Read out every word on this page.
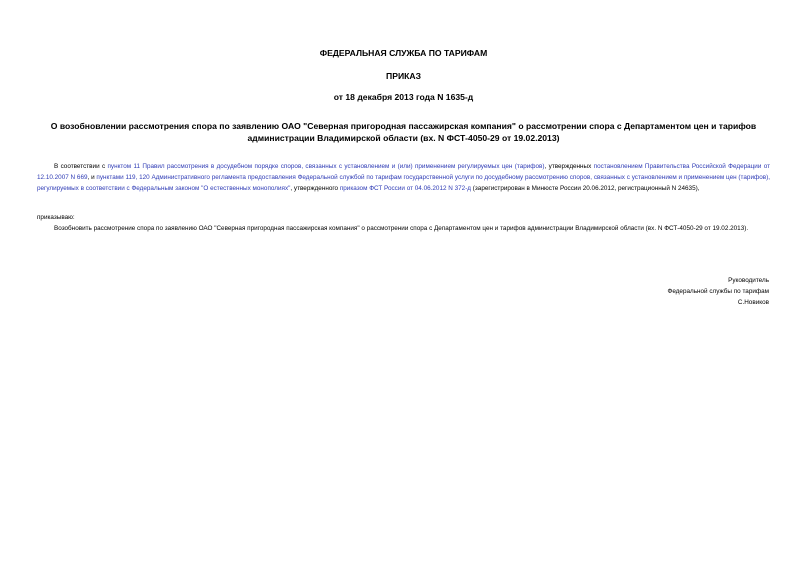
ФЕДЕРАЛЬНАЯ СЛУЖБА ПО ТАРИФАМ
ПРИКАЗ
от 18 декабря 2013 года N 1635-д
О возобновлении рассмотрения спора по заявлению ОАО "Северная пригородная пассажирская компания" о рассмотрении спора с Департаментом цен и тарифов администрации Владимирской области (вх. N ФСТ-4050-29 от 19.02.2013)
В соответствии с пунктом 11 Правил рассмотрения в досудебном порядке споров, связанных с установлением и (или) применением регулируемых цен (тарифов), утвержденных постановлением Правительства Российской Федерации от 12.10.2007 N 669, и пунктами 119, 120 Административного регламента предоставления Федеральной службой по тарифам государственной услуги по досудебному рассмотрению споров, связанных с установлением и применением цен (тарифов), регулируемых в соответствии с Федеральным законом "О естественных монополиях", утвержденного приказом ФСТ России от 04.06.2012 N 372-д (зарегистрирован в Минюсте России 20.06.2012, регистрационный N 24635),
приказываю:
Возобновить рассмотрение спора по заявлению ОАО "Северная пригородная пассажирская компания" о рассмотрении спора с Департаментом цен и тарифов администрации Владимирской области (вх. N ФСТ-4050-29 от 19.02.2013).
Руководитель
Федеральной службы по тарифам
С.Новиков
